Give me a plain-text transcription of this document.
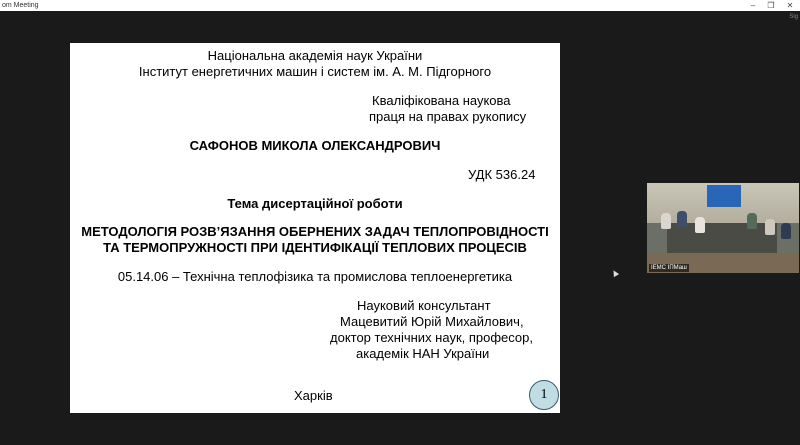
om Meeting	–	❐	✕
Sig
Національна академія наук України
Інститут енергетичних машин і систем ім. А. М. Підгорного
Кваліфікована наукова
праця на правах рукопису
САФОНОВ МИКОЛА ОЛЕКСАНДРОВИЧ
УДК 536.24
Тема дисертаційної роботи
МЕТОДОЛОГІЯ РОЗВ’ЯЗАННЯ ОБЕРНЕНИХ ЗАДАЧ ТЕПЛОПРОВІДНОСТІ
ТА ТЕРМОПРУЖНОСТІ ПРИ ІДЕНТИФІКАЦІЇ ТЕПЛОВИХ ПРОЦЕСІВ
05.14.06 – Технічна теплофізика та промислова теплоенергетика
Науковий консультант
Мацевитий Юрій Михайлович,
доктор технічних наук, професор,
академік НАН України
Харків	1
ІЕМС ІПМаш
